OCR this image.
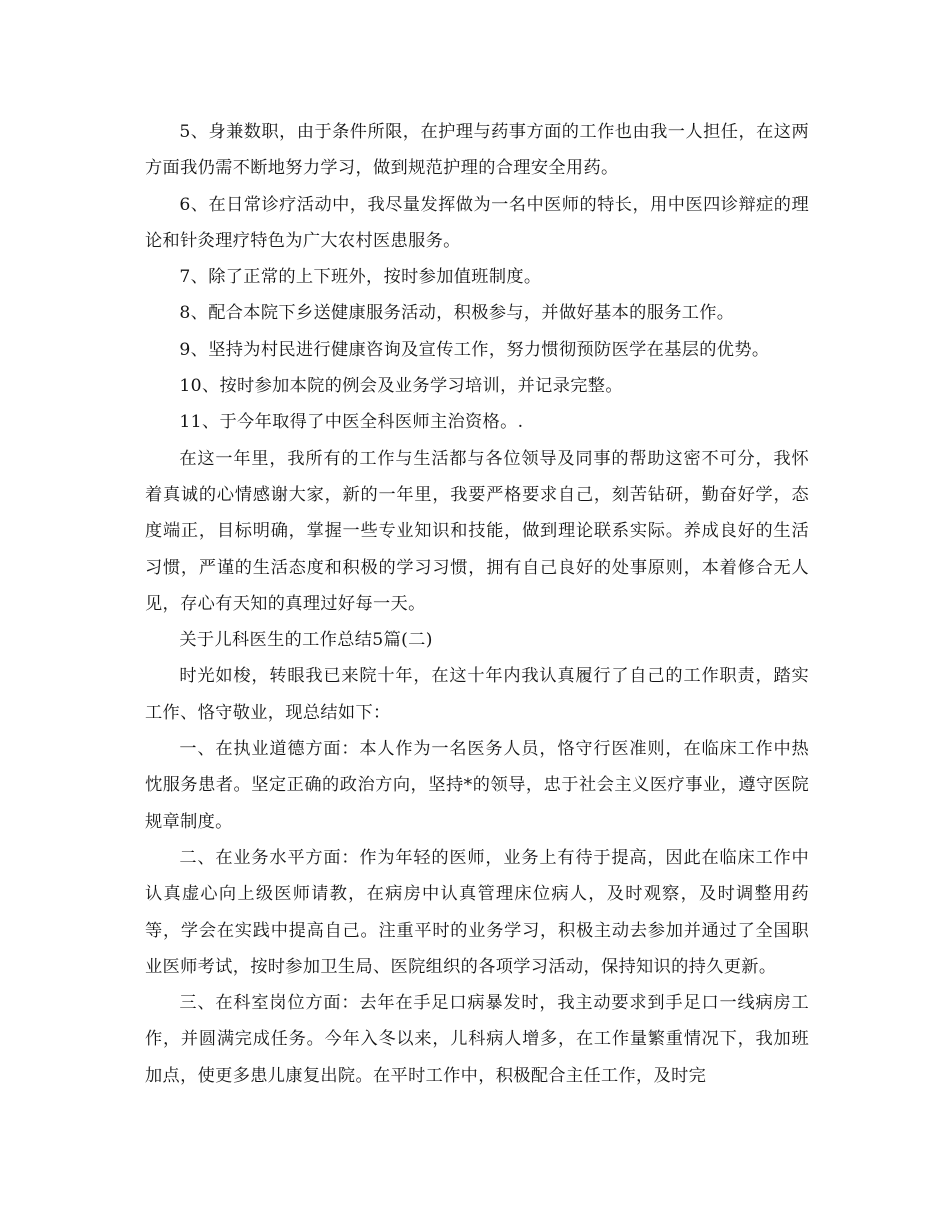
5、身兼数职，由于条件所限，在护理与药事方面的工作也由我一人担任，在这两方面我仍需不断地努力学习，做到规范护理的合理安全用药。

6、在日常诊疗活动中，我尽量发挥做为一名中医师的特长，用中医四诊辩症的理论和针灸理疗特色为广大农村医患服务。

7、除了正常的上下班外，按时参加值班制度。

8、配合本院下乡送健康服务活动，积极参与，并做好基本的服务工作。

9、坚持为村民进行健康咨询及宣传工作，努力惯彻预防医学在基层的优势。

10、按时参加本院的例会及业务学习培训，并记录完整。

11、于今年取得了中医全科医师主治资格。.

在这一年里，我所有的工作与生活都与各位领导及同事的帮助这密不可分，我怀着真诚的心情感谢大家，新的一年里，我要严格要求自己，刻苦钻研，勤奋好学，态度端正，目标明确，掌握一些专业知识和技能，做到理论联系实际。养成良好的生活习惯，严谨的生活态度和积极的学习习惯，拥有自己良好的处事原则，本着修合无人见，存心有天知的真理过好每一天。

关于儿科医生的工作总结5篇(二)

时光如梭，转眼我已来院十年，在这十年内我认真履行了自己的工作职责，踏实工作、恪守敬业，现总结如下：

一、在执业道德方面：本人作为一名医务人员，恪守行医准则，在临床工作中热忱服务患者。坚定正确的政治方向，坚持*的领导，忠于社会主义医疗事业，遵守医院规章制度。

二、在业务水平方面：作为年轻的医师，业务上有待于提高，因此在临床工作中认真虚心向上级医师请教，在病房中认真管理床位病人，及时观察，及时调整用药等，学会在实践中提高自己。注重平时的业务学习，积极主动去参加并通过了全国职业医师考试，按时参加卫生局、医院组织的各项学习活动，保持知识的持久更新。

三、在科室岗位方面：去年在手足口病暴发时，我主动要求到手足口一线病房工作，并圆满完成任务。今年入冬以来，儿科病人增多，在工作量繁重情况下，我加班加点，使更多患儿康复出院。在平时工作中，积极配合主任工作，及时完
